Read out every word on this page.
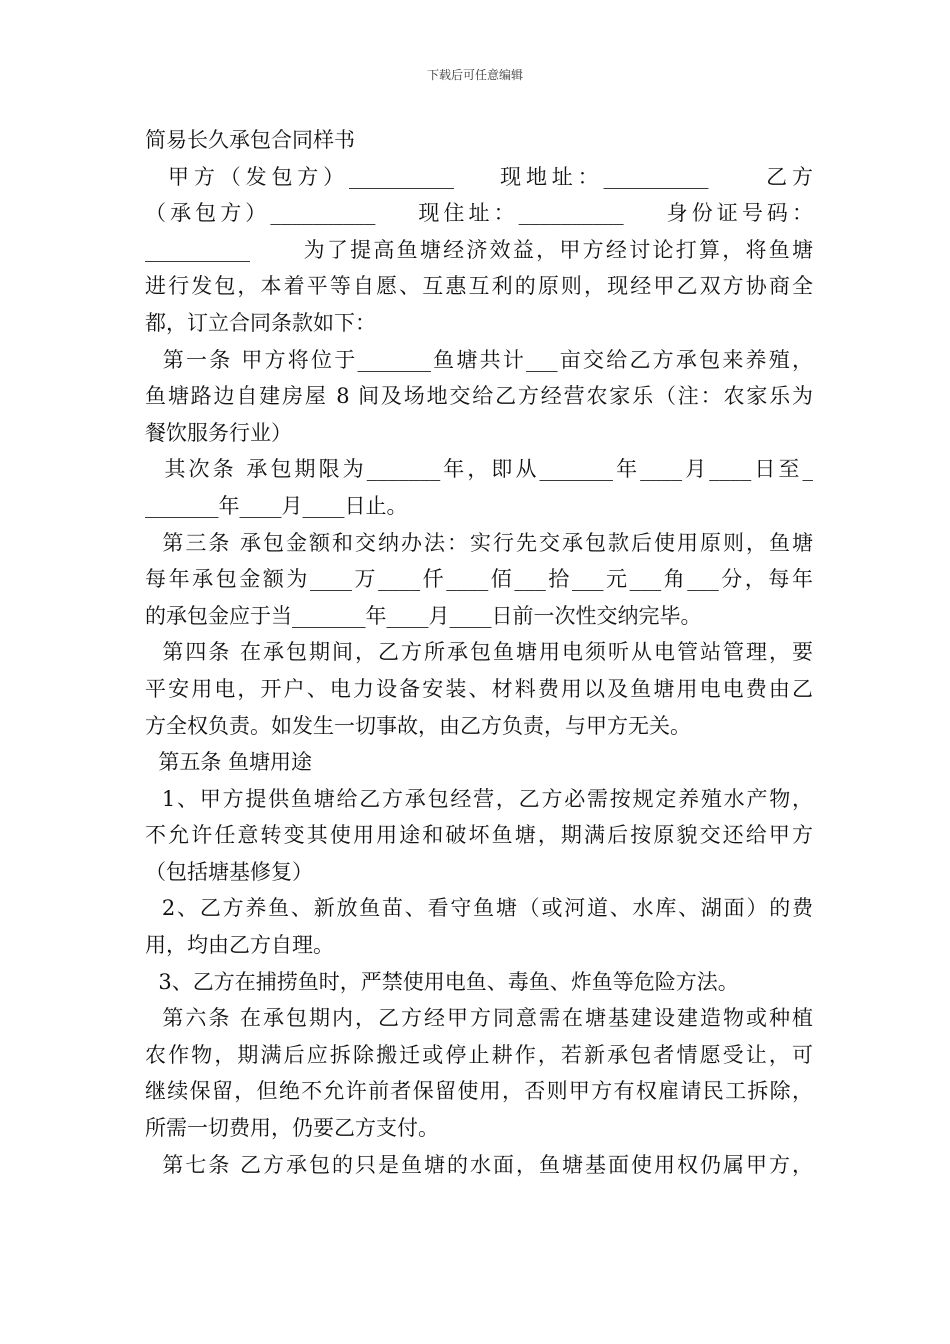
下载后可任意编辑
简易长久承包合同样书
甲方（发包方）__________    现地址：__________     乙方
（承包方）__________    现住址：__________    身份证号码：
__________      为了提高鱼塘经济效益，甲方经讨论打算，将鱼塘
进行发包，本着平等自愿、互惠互利的原则，现经甲乙双方协商全
都，订立合同条款如下：
第一条 甲方将位于_______鱼塘共计___亩交给乙方承包来养殖，
鱼塘路边自建房屋 8 间及场地交给乙方经营农家乐（注：农家乐为
餐饮服务行业）
其次条 承包期限为_______年，即从_______年____月____日至_
_______年____月____日止。
第三条 承包金额和交纳办法：实行先交承包款后使用原则，鱼塘
每年承包金额为____万____仟____佰___拾___元___角___分，每年
的承包金应于当_______年____月____日前一次性交纳完毕。
第四条 在承包期间，乙方所承包鱼塘用电须听从电管站管理，要
平安用电，开户、电力设备安装、材料费用以及鱼塘用电电费由乙
方全权负责。如发生一切事故，由乙方负责，与甲方无关。
第五条 鱼塘用途
1、甲方提供鱼塘给乙方承包经营，乙方必需按规定养殖水产物，
不允许任意转变其使用用途和破坏鱼塘，期满后按原貌交还给甲方
（包括塘基修复）
2、乙方养鱼、新放鱼苗、看守鱼塘（或河道、水库、湖面）的费
用，均由乙方自理。
3、乙方在捕捞鱼时，严禁使用电鱼、毒鱼、炸鱼等危险方法。
第六条 在承包期内，乙方经甲方同意需在塘基建设建造物或种植
农作物，期满后应拆除搬迁或停止耕作，若新承包者情愿受让，可
继续保留，但绝不允许前者保留使用，否则甲方有权雇请民工拆除，
所需一切费用，仍要乙方支付。
第七条 乙方承包的只是鱼塘的水面，鱼塘基面使用权仍属甲方，
